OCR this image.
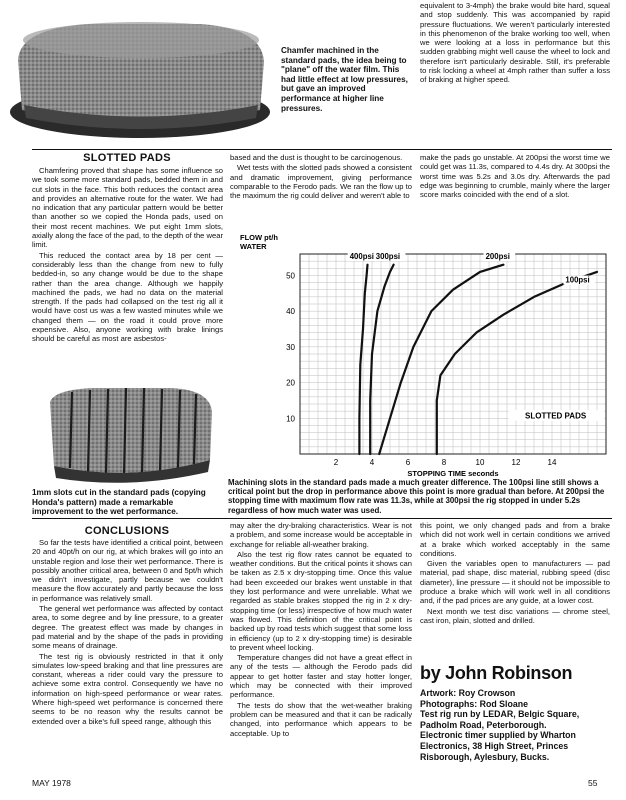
Chamfer machined in the standard pads, the idea being to "plane" off the water film. This had little effect at low pressures, but gave an improved performance at higher line pressures.

equivalent to 3-4mph) the brake would bite hard, squeal and stop suddenly. This was accompanied by rapid pressure fluctuations. We weren't particularly interested in this phenomenon of the brake working too well, when we were looking at a loss in performance but this sudden grabbing might well cause the wheel to lock and therefore isn't particularly desirable. Still, it's preferable to risk locking a wheel at 4mph rather than suffer a loss of braking at higher speed.

SLOTTED PADS

Chamfering proved that shape has some influence so we took some more standard pads, bedded them in and cut slots in the face. This both reduces the contact area and provides an alternative route for the water. We had no indication that any particular pattern would be better than another so we copied the Honda pads, used on their most recent machines. We put eight 1mm slots, axially along the face of the pad, to the depth of the wear limit.

This reduced the contact area by 18 per cent — considerably less than the change from new to fully bedded-in, so any change would be due to the shape rather than the area change. Although we happily machined the pads, we had no data on the material strength. If the pads had collapsed on the test rig all it would have cost us was a few wasted minutes while we changed them — on the road it could prove more expensive. Also, anyone working with brake linings should be careful as most are asbestos-

based and the dust is thought to be carcinogenous.

Wet tests with the slotted pads showed a consistent and dramatic improvement, giving performance comparable to the Ferodo pads. We ran the flow up to the maximum the rig could deliver and weren't able to

make the pads go unstable. At 200psi the worst time we could get was 11.3s, compared to 4.4s dry. At 300psi the worst time was 5.2s and 3.0s dry. Afterwards the pad edge was beginning to crumble, mainly where the larger score marks coincided with the end of a slot.

1mm slots cut in the standard pads (copying Honda's pattern) made a remarkable improvement to the wet performance.
2	4	6	8	10	12	14
10
20
30
40
50
FLOW pt/h
WATER
STOPPING TIME seconds
SLOTTED PADS
400psi 300psi	200psi
100psi
Machining slots in the standard pads made a much greater difference. The 100psi line still shows a critical point but the drop in performance above this point is more gradual than before. At 200psi the stopping time with maximum flow rate was 11.3s, while at 300psi the rig stopped in under 5.2s regardless of how much water was used.
CONCLUSIONS

So far the tests have identified a critical point, between 20 and 40pt/h on our rig, at which brakes will go into an unstable region and lose their wet performance. There is possibly another critical area, between 0 and 5pt/h which we didn't investigate, partly because we couldn't measure the flow accurately and partly because the loss in performance was relatively small.

The general wet performance was affected by contact area, to some degree and by line pressure, to a greater degree. The greatest effect was made by changes in pad material and by the shape of the pads in providing some means of drainage.

The test rig is obviously restricted in that it only simulates low-speed braking and that line pressures are constant, whereas a rider could vary the pressure to achieve some extra control. Consequently we have no information on high-speed performance or wear rates. Where high-speed wet performance is concerned there seems to be no reason why the results cannot be extended over a bike's full speed range, although this

may alter the dry-braking characteristics. Wear is not a problem, and some increase would be acceptable in exchange for reliable all-weather braking.

Also the test rig flow rates cannot be equated to weather conditions. But the critical points it shows can be taken as 2.5 x dry-stopping time. Once this value had been exceeded our brakes went unstable in that they lost performance and were unreliable. What we regarded as stable brakes stopped the rig in 2 x dry-stopping time (or less) irrespective of how much water was flowed. This definition of the critical point is backed up by road tests which suggest that some loss in efficiency (up to 2 x dry-stopping time) is desirable to prevent wheel locking.

Temperature changes did not have a great effect in any of the tests — although the Ferodo pads did appear to get hotter faster and stay hotter longer, which may be connected with their improved performance.

The tests do show that the wet-weather braking problem can be measured and that it can be radically changed, into performance which appears to be acceptable. Up to

this point, we only changed pads and from a brake which did not work well in certain conditions we arrived at a brake which worked acceptably in the same conditions.

Given the variables open to manufacturers — pad material, pad shape, disc material, rubbing speed (disc diameter), line pressure — it should not be impossible to produce a brake which will work well in all conditions and, if the pad prices are any guide, at a lower cost.

Next month we test disc variations — chrome steel, cast iron, plain, slotted and drilled.

by John Robinson
Artwork: Roy Crowson
Photographs: Rod Sloane
Test rig run by LEDAR, Belgic Square, Padholm Road, Peterborough.
Electronic timer supplied by Wharton Electronics, 38 High Street, Princes Risborough, Aylesbury, Bucks.
MAY 1978	55
